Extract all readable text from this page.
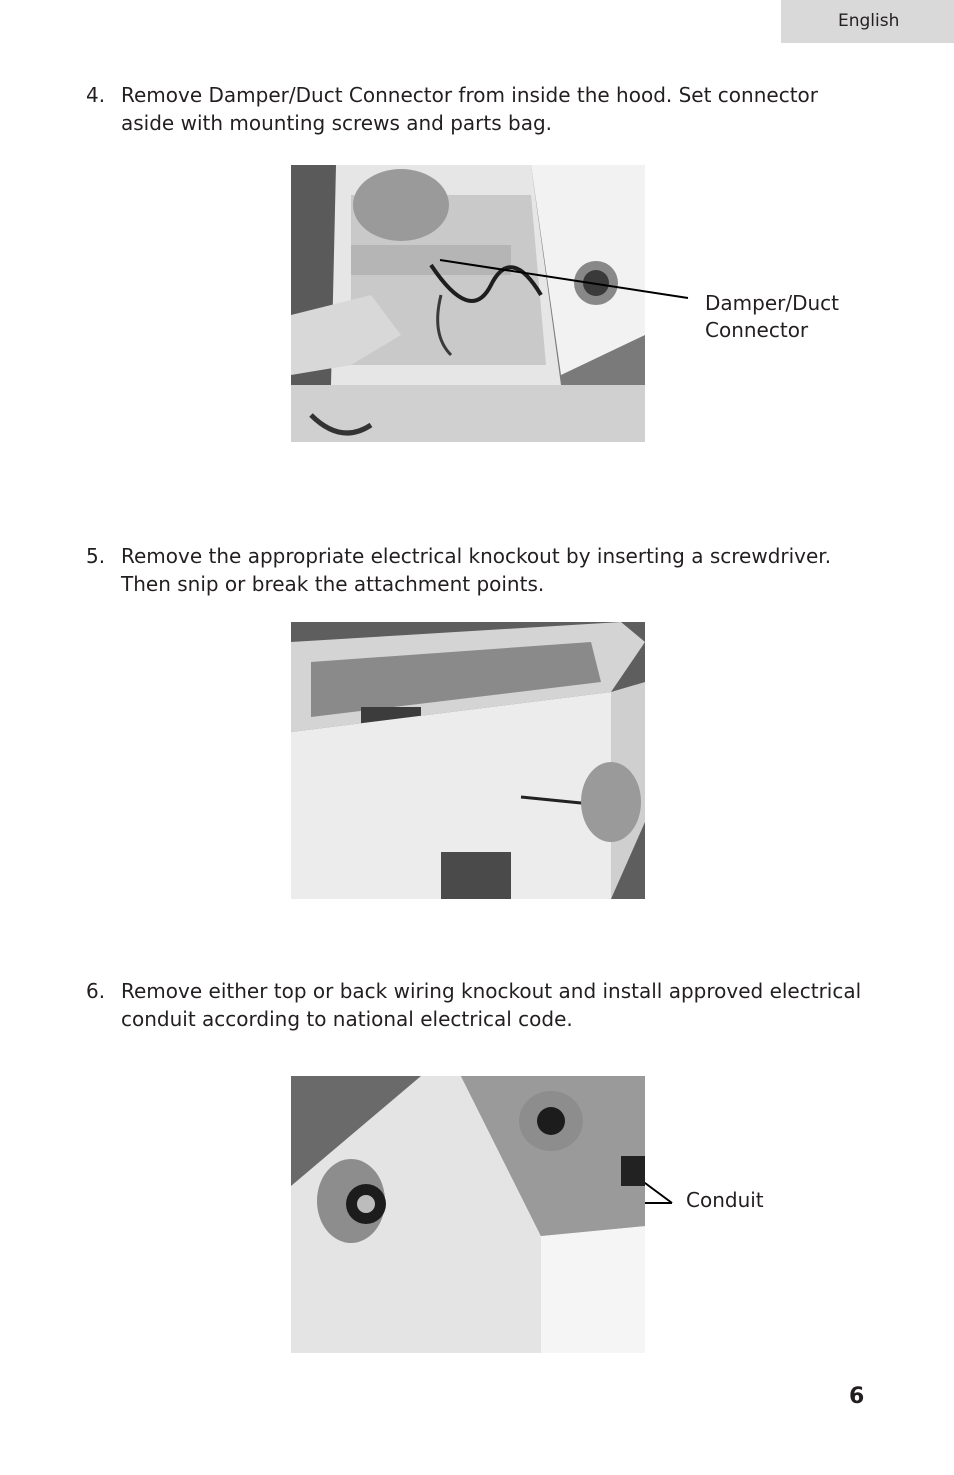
English
4. Remove Damper/Duct Connector from inside the hood. Set connector aside with mounting screws and parts bag.
Damper/Duct
Connector
5. Remove the appropriate electrical knockout by inserting a screwdriver. Then snip or break the attachment points.
6. Remove either top or back wiring knockout and install approved electrical conduit according to national electrical code.
Conduit
6
